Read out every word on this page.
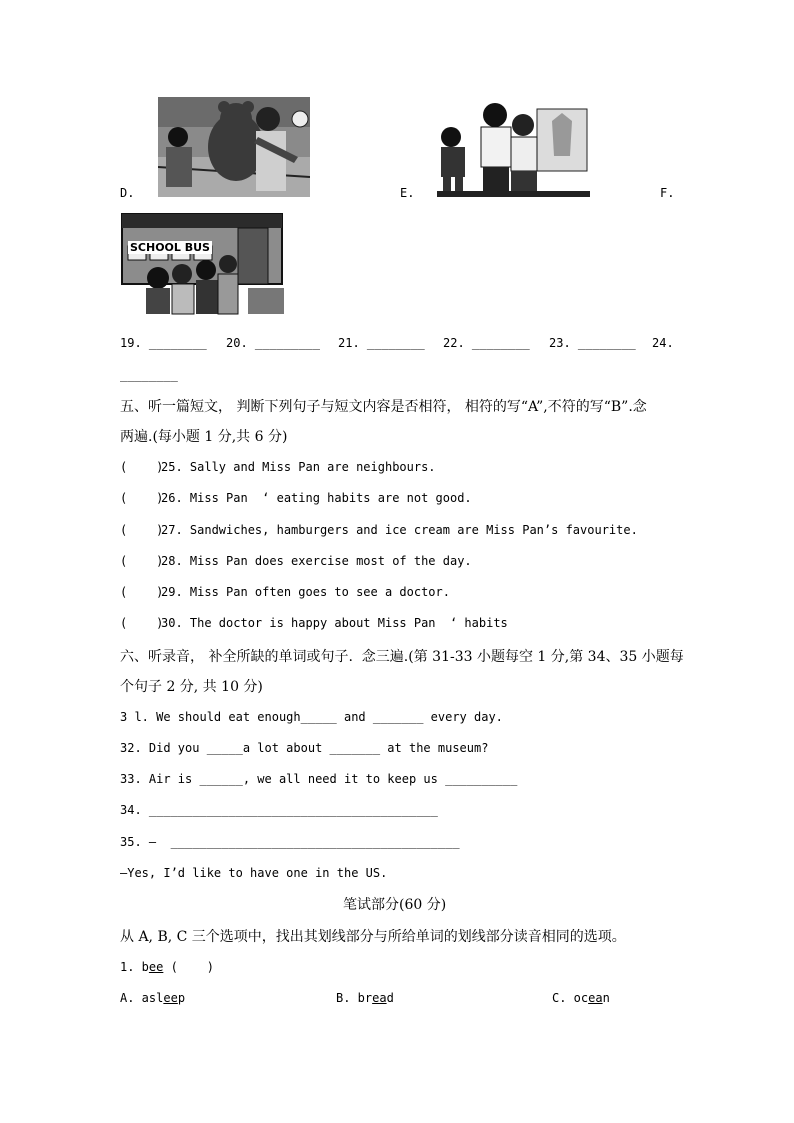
D.	E.	F.
SCHOOL BUS
19. ________ 20. _________ 21. ________ 22. ________ 23. ________ 24.
________
五、听一篇短文， 判断下列句子与短文内容是否相符， 相符的写“A”,不符的写“B”.念
两遍.(每小题 1 分,共 6 分)
(    )
25. Sally and Miss Pan are neighbours.
(    )
26. Miss Pan  ‘ eating habits are not good.
(    )
27. Sandwiches, hamburgers and ice cream are Miss Pan’s favourite.
(    )
28. Miss Pan does exercise most of the day.
(    )
29. Miss Pan often goes to see a doctor.
(    )
30. The doctor is happy about Miss Pan  ‘ habits
六、听录音， 补全所缺的单词或句子.  念三遍.(第 31-33 小题每空 1 分,第 34、35 小题每
个句子 2 分, 共 10 分)
3 l. We should eat enough_____ and _______ every day.
32. Did you _____a lot about _______ at the museum?
33. Air is ______, we all need it to keep us __________
34. ________________________________________
35. —  ________________________________________
—Yes, I’d like to have one in the US.
笔试部分(60 分)
从 A, B, C 三个选项中，找出其划线部分与所给单词的划线部分读音相同的选项。
1. bee (    )
A. asleep	B. bread	C. ocean
